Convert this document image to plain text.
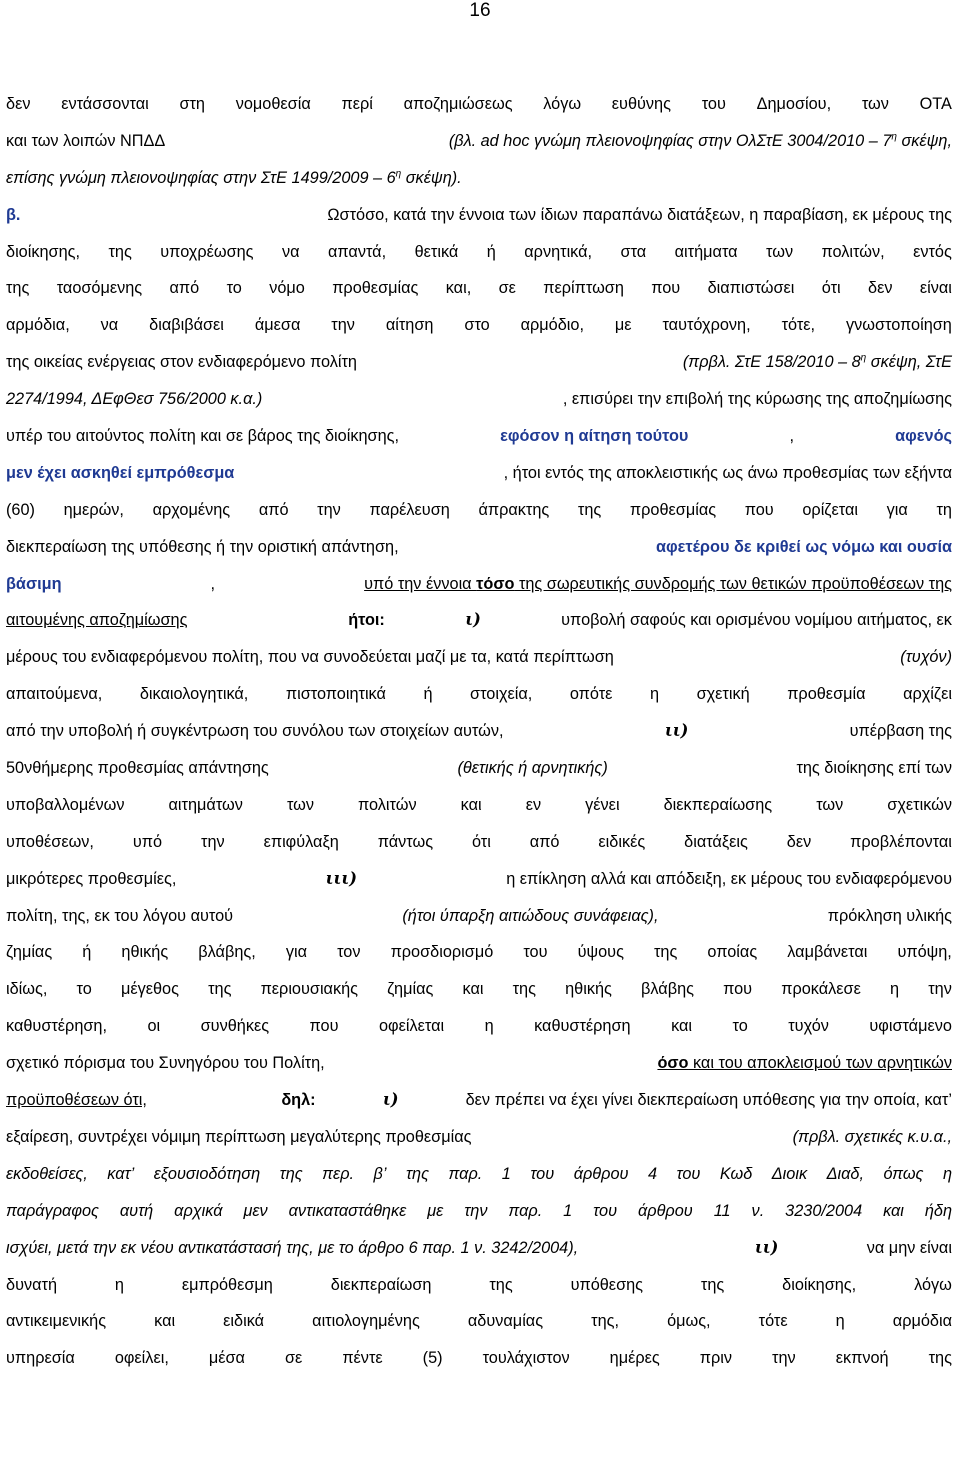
16
δεν εντάσσονται στη νομοθεσία περί αποζημιώσεως λόγω ευθύνης του Δημοσίου, των ΟΤΑ
και των λοιπών ΝΠΔΔ	(βλ. ad hoc γνώμη πλειονοψηφίας στην ΟλΣτΕ $3004/2010 - 7^\eta$ σκέψη,
επίσης γνώμη πλειονοψηφίας στην ΣτΕ $1499/2009 - 6^\eta$ σκέψη).
β.	Ωστόσο, κατά την έννοια των ίδιων παραπάνω διατάξεων, η παραβίαση, εκ μέρους της
διοίκησης, της υποχρέωσης να απαντά, θετικά ή αρνητικά, στα αιτήματα των πολιτών, εντός
της ταοσόμενης από το νόμο προθεσμίας και, σε περίπτωση που διαπιστώσει ότι δεν είναι
αρμόδια, να διαβιβάσει άμεσα την αίτηση στο αρμόδιο, με ταυτόχρονη, τότε, γνωστοποίηση
της οικείας ενέργειας στον ενδιαφερόμενο πολίτη	(πρβλ. ΣτΕ $158/2010 - 8^\eta$ σκέψη, ΣτΕ
2274/1994, ΔΕφΘεσ 756/2000 κ.α.)	, επισύρει την επιβολή της κύρωσης της αποζημίωσης
υπέρ του αιτούντος πολίτη και σε βάρος της διοίκησης,	εφόσον η αίτηση τούτου	,	αφενός
μεν έχει ασκηθεί εμπρόθεσμα	, ήτοι εντός της αποκλειστικής ως άνω προθεσμίας των εξήντα
(60) ημερών, αρχομένης από την παρέλευση άπρακτης της προθεσμίας που ορίζεται για τη
διεκπεραίωση της υπόθεσης ή την οριστική απάντηση,	αφετέρου δε κριθεί ως νόμω και ουσία
βάσιμη	,	υπό την έννοια τόσο της σωρευτικής συνδρομής των θετικών προϋποθέσεων της
αιτουμένης αποζημίωσης	ήτοι:	ι)	υποβολή σαφούς και ορισμένου νομίμου αιτήματος, εκ
μέρους του ενδιαφερόμενου πολίτη, που να συνοδεύεται μαζί με τα, κατά περίπτωση	(τυχόν)
απαιτούμενα, δικαιολογητικά, πιστοποιητικά ή στοιχεία, οπότε η σχετική προθεσμία αρχίζει
από την υποβολή ή συγκέντρωση του συνόλου των στοιχείων αυτών,	ιι)	υπέρβαση της
50νθήμερης προθεσμίας απάντησης	(θετικής ή αρνητικής)	της διοίκησης επί των
υποβαλλομένων	αιτημάτων	των	πολιτών	και	εν	γένει	διεκπεραίωσης	των	σχετικών
υποθέσεων, υπό την επιφύλαξη πάντως ότι από ειδικές διατάξεις δεν προβλέπονται
μικρότερες προθεσμίες,	ιιι)	η επίκληση αλλά και απόδειξη, εκ μέρους του ενδιαφερόμενου
πολίτη, της, εκ του λόγου αυτού	(ήτοι ύπαρξη αιτιώδους συνάφειας),	πρόκληση υλικής
ζημίας ή ηθικής βλάβης, για τον προσδιορισμό του ύψους της οποίας λαμβάνεται υπόψη,
ιδίως, το μέγεθος της περιουσιακής ζημίας και της ηθικής βλάβης που προκάλεσε η την
καθυστέρηση, οι συνθήκες που οφείλεται η καθυστέρηση και το τυχόν υφιστάμενο
σχετικό πόρισμα του Συνηγόρου του Πολίτη,	όσο και του αποκλεισμού των αρνητικών
προϋποθέσεων ότι,	δηλ:	ι)	δεν πρέπει να έχει γίνει διεκπεραίωση υπόθεσης για την οποία, κατ’
εξαίρεση, συντρέχει νόμιμη περίπτωση μεγαλύτερης προθεσμίας	(πρβλ. σχετικές κ.υ.α.,
εκδοθείσες, κατ’ εξουσιοδότηση της περ. β’ της παρ. 1 του άρθρου 4 του Κωδ Διοικ Διαδ, όπως η
παράγραφος αυτή αρχικά μεν αντικαταστάθηκε με την παρ. 1 του άρθρου 11 ν. 3230/2004 και ήδη
ισχύει, μετά την εκ νέου αντικατάστασή της, με το άρθρο 6 παρ. 1 ν. 3242/2004),	ιι)	να μην είναι
δυνατή	η	εμπρόθεσμη	διεκπεραίωση	της	υπόθεσης	της	διοίκησης,	λόγω
αντικειμενικής	και	ειδικά	αιτιολογημένης	αδυναμίας	της,	όμως,	τότε	η	αρμόδια
υπηρεσία οφείλει, μέσα σε πέντε (5) τουλάχιστον ημέρες πριν την εκπνοή της
